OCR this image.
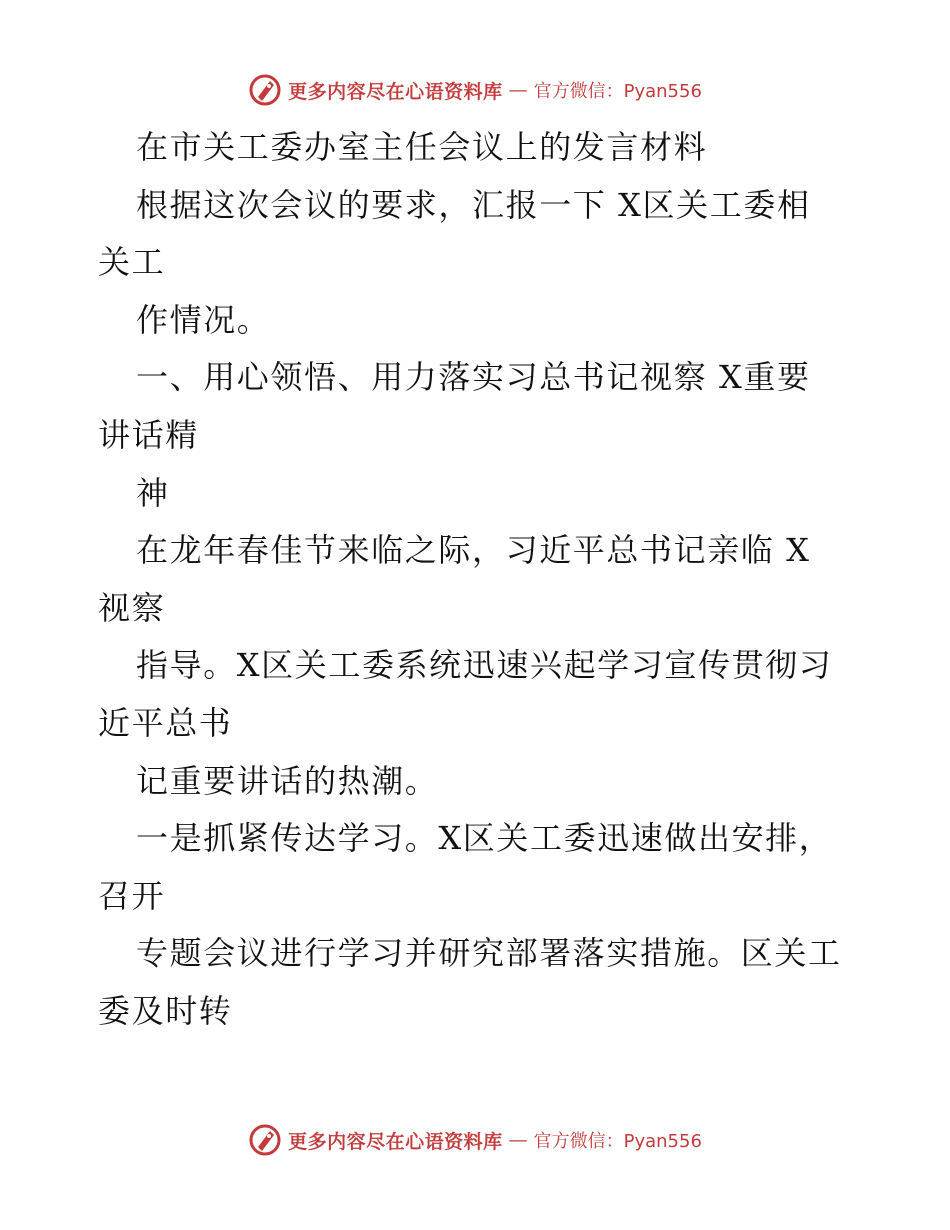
更多内容尽在心语资料库 — 官方微信：Pyan556
在市关工委办室主任会议上的发言材料
根据这次会议的要求，汇报一下 X区关工委相
关工
作情况。
一、用心领悟、用力落实习总书记视察 X重要
讲话精
神
在龙年春佳节来临之际，习近平总书记亲临 X
视察
指导。X区关工委系统迅速兴起学习宣传贯彻习
近平总书
记重要讲话的热潮。
一是抓紧传达学习。X区关工委迅速做出安排，
召开
专题会议进行学习并研究部署落实措施。区关工
委及时转
更多内容尽在心语资料库 — 官方微信：Pyan556
